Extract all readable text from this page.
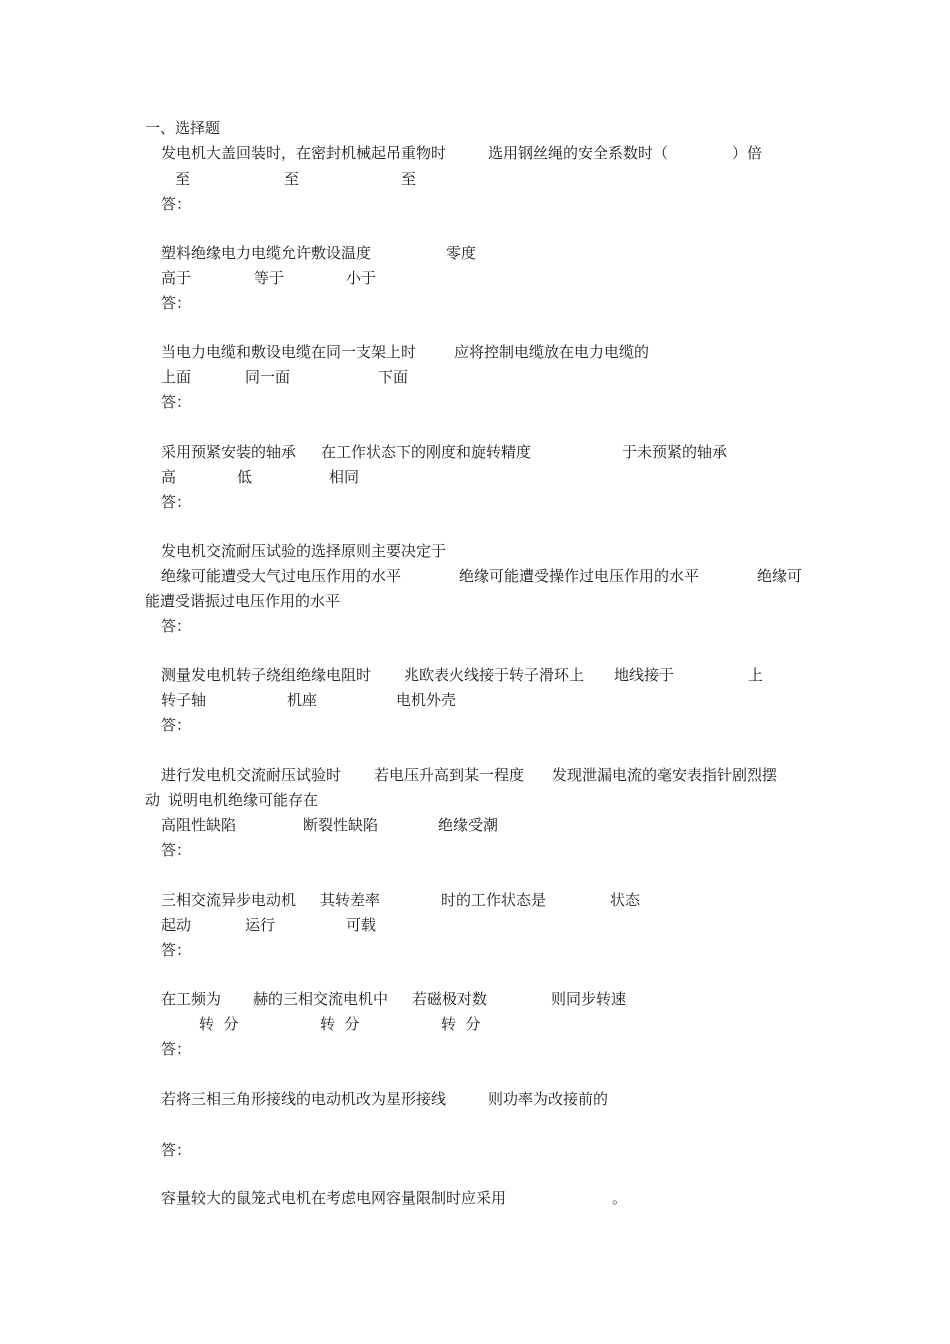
一、选择题
发电机大盖回装时，在密封机械起吊重物时	选用钢丝绳的安全系数时（	）倍
至	至	至
答：
塑料绝缘电力电缆允许敷设温度	零度
高于	等于	小于
答：
当电力电缆和敷设电缆在同一支架上时	应将控制电缆放在电力电缆的
上面	同一面	下面
答：
采用预紧安装的轴承 在工作状态下的刚度和旋转精度	于未预紧的轴承
高	低	相同
答：
发电机交流耐压试验的选择原则主要决定于
绝缘可能遭受大气过电压作用的水平	绝缘可能遭受操作过电压作用的水平	绝缘可
能遭受谐振过电压作用的水平
答：
测量发电机转子绕组绝缘电阻时 兆欧表火线接于转子滑环上 地线接于	上
转子轴	机座	电机外壳
答：
进行发电机交流耐压试验时 若电压升高到某一程度 发现泄漏电流的毫安表指针剧烈摆
动 说明电机绝缘可能存在
高阻性缺陷	断裂性缺陷	绝缘受潮
答：
三相交流异步电动机 其转差率	时的工作状态是	状态
起动	运行	可载
答：
在工频为 赫的三相交流电机中 若磁极对数	则同步转速
转  分	转  分	转  分
答：
若将三相三角形接线的电动机改为星形接线	则功率为改接前的
答：
容量较大的鼠笼式电机在考虑电网容量限制时应采用	。
